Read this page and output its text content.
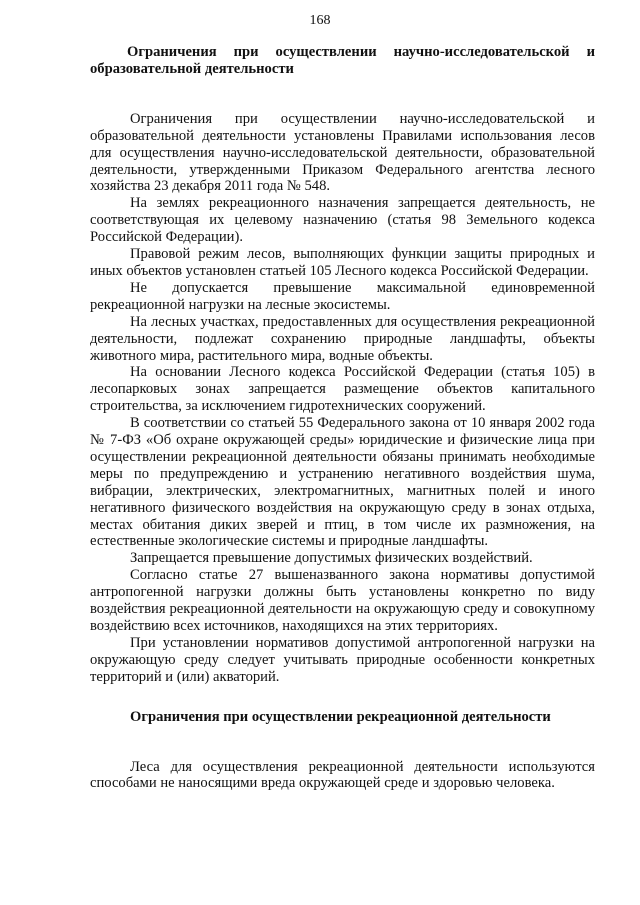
168

Ограничения при осуществлении научно-исследовательской и образовательной деятельности

Ограничения при осуществлении научно-исследовательской и образовательной деятельности установлены Правилами использования лесов для осуществления научно-исследовательской деятельности, образовательной деятельности, утвержденными Приказом Федерального агентства лесного хозяйства 23 декабря 2011 года № 548.

На землях рекреационного назначения запрещается деятельность, не соответствующая их целевому назначению (статья 98 Земельного кодекса Российской Федерации).

Правовой режим лесов, выполняющих функции защиты природных и иных объектов установлен статьей 105 Лесного кодекса Российской Федерации.

Не допускается превышение максимальной единовременной рекреационной нагрузки на лесные экосистемы.

На лесных участках, предоставленных для осуществления рекреационной деятельности, подлежат сохранению природные ландшафты, объекты животного мира, растительного мира, водные объекты.

На основании Лесного кодекса Российской Федерации (статья 105) в лесопарковых зонах запрещается размещение объектов капитального строительства, за исключением гидротехнических сооружений.

В соответствии со статьей 55 Федерального закона от 10 января 2002 года № 7-ФЗ «Об охране окружающей среды» юридические и физические лица при осуществлении рекреационной деятельности обязаны принимать необходимые меры по предупреждению и устранению негативного воздействия шума, вибрации, электрических, электромагнитных, магнитных полей и иного негативного физического воздействия на окружающую среду в зонах отдыха, местах обитания диких зверей и птиц, в том числе их размножения, на естественные экологические системы и природные ландшафты.

Запрещается превышение допустимых физических воздействий.

Согласно статье 27 вышеназванного закона нормативы допустимой антропогенной нагрузки должны быть установлены конкретно по виду воздействия рекреационной деятельности на окружающую среду и совокупному воздействию всех источников, находящихся на этих территориях.

При установлении нормативов допустимой антропогенной нагрузки на окружающую среду следует учитывать природные особенности конкретных территорий и (или) акваторий.

Ограничения при осуществлении рекреационной деятельности

Леса для осуществления рекреационной деятельности используются способами не наносящими вреда окружающей среде и здоровью человека.
